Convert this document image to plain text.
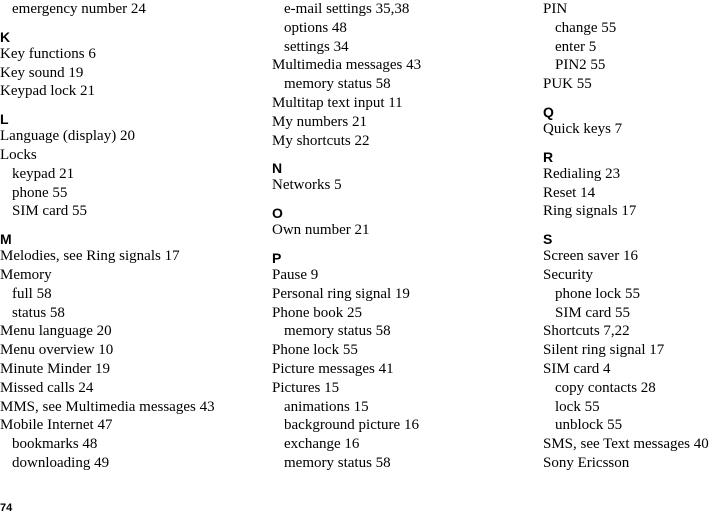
emergency number 24
K
Key functions 6
Key sound 19
Keypad lock 21
L
Language (display) 20
Locks
keypad 21
phone 55
SIM card 55
M
Melodies, see Ring signals 17
Memory
full 58
status 58
Menu language 20
Menu overview 10
Minute Minder 19
Missed calls 24
MMS, see Multimedia messages 43
Mobile Internet 47
bookmarks 48
downloading 49
e-mail settings 35,38
options 48
settings 34
Multimedia messages 43
memory status 58
Multitap text input 11
My numbers 21
My shortcuts 22
N
Networks 5
O
Own number 21
P
Pause 9
Personal ring signal 19
Phone book 25
memory status 58
Phone lock 55
Picture messages 41
Pictures 15
animations 15
background picture 16
exchange 16
memory status 58
PIN
change 55
enter 5
PIN2 55
PUK 55
Q
Quick keys 7
R
Redialing 23
Reset 14
Ring signals 17
S
Screen saver 16
Security
phone lock 55
SIM card 55
Shortcuts 7,22
Silent ring signal 17
SIM card 4
copy contacts 28
lock 55
unblock 55
SMS, see Text messages 40
Sony Ericsson
74
